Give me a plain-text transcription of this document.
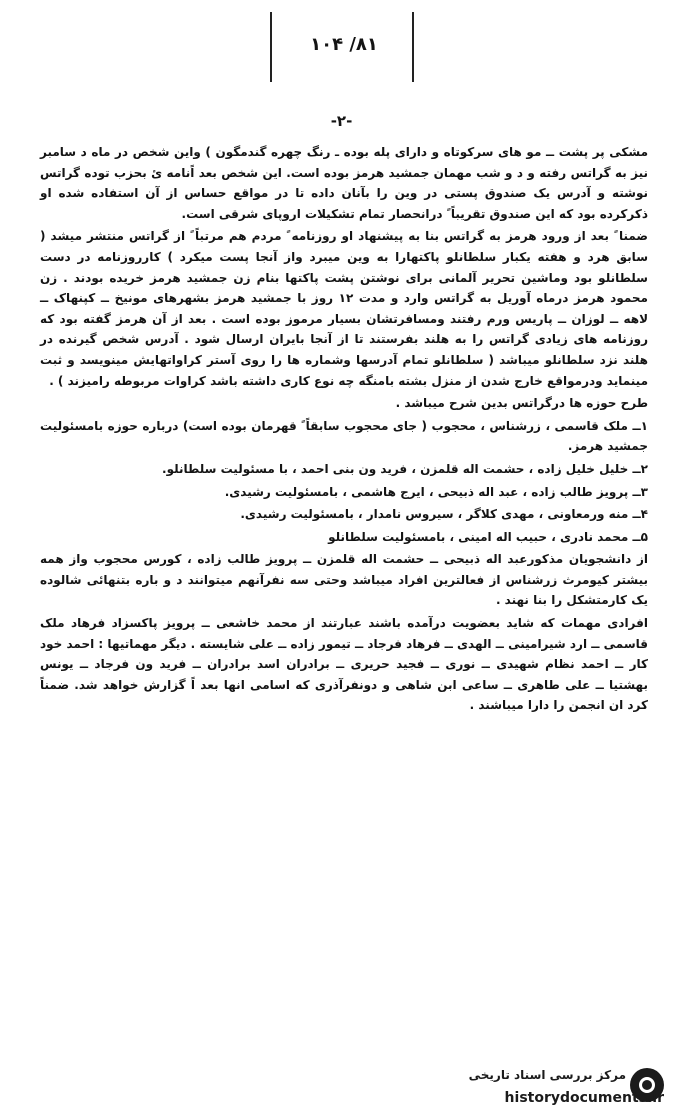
۸۱/ ۱۰۴
-۲-

مشکی پر پشت ــ مو های سرکوتاه و دارای پله بوده ـ رنگ چهره گندمگون ) واین شخص در ماه د سامبر نیز به گراتس رفته و د و شب مهمان جمشید هرمز بوده است. این شخص بعد اًنامه ئ بحزب توده گراتس نوشته و آدرس یک صندوق پستی در وین را بآنان داده تا در مواقع حساس از آن استفاده شده او ذکرکرده بود که این صندوق تقریباً ً درانحصار تمام تشکیلات اروپای شرقی است.

ضمنا ً بعد از ورود هرمز به گراتس بنا به پیشنهاد او روزنامه ً مردم هم مرتباً ً از گراتس منتشر میشد ( سابق هرد و هفته یکبار سلطانلو پاکتهارا به وین میبرد واز آنجا پست میکرد ) کارروزنامه در دست سلطانلو بود وماشین تحریر آلمانی برای نوشتن پشت پاکتها بنام زن جمشید هرمز خریده بودند . زن محمود هرمز درماه آوریل به گراتس وارد و مدت ۱۲ روز با جمشید هرمز بشهرهای مونیخ ــ کپنهاک ــ لاهه ــ لوزان ــ پاریس ورم رفتند ومسافرتشان بسیار مرموز بوده است . بعد از آن هرمز گفته بود که روزنامه های زیادی گراتس را به هلند بفرستند تا از آنجا بایران ارسال شود . آدرس شخص گیرنده در هلند نزد سلطانلو میباشد ( سلطانلو تمام آدرسها وشماره ها را روی آستر کراواتهایش مینویسد و ثبت مینماید ودرمواقع خارج شدن از منزل بشته بامنگه چه نوع کاری داشته باشد کراوات مربوطه رامیزند ) .

طرح حوزه ها درگراتس بدین شرح میباشد .

۱ــ ملک قاسمی ، زرشناس ، محجوب ( جای محجوب سابقاً ً قهرمان بوده است) درباره حوزه بامسئولیت جمشید هرمز.

۲ــ خلیل خلیل زاده ، حشمت اله قلمزن ، فرید ون بنی احمد ، با مسئولیت سلطانلو.

۳ــ پرویز طالب زاده ، عبد اله ذبیحی ، ایرج هاشمی ، بامسئولیت رشیدی.

۴ــ منه ورمعاونی ، مهدی کلاگر ، سیروس نامدار ، بامسئولیت رشیدی.

۵ــ محمد نادری ، حبیب اله امینی ، بامسئولیت سلطانلو

از دانشجویان مذکورعبد اله ذبیحی ــ حشمت اله قلمزن ــ پرویز طالب زاده ، کورس محجوب واز همه بیشتر کیومرث زرشناس از فعالترین افراد میباشد وحتی سه نفرآنهم میتوانند د و باره بتنهائی شالوده یک کارمتشکل را بنا نهند .

افرادی مهمات که شاید بعضویت درآمده باشند عبارتند از محمد خاشعی ــ پرویز پاکسزاد فرهاد ملک قاسمی ــ ارد شیرامینی ــ الهدی ــ فرهاد فرجاد ــ تیمور زاده ــ علی شایسته . دیگر مهماتیها : احمد خود کار ــ احمد نظام شهیدی ــ نوری ــ فجید حریری ــ برادران اسد برادران ــ فرید ون فرجاد ــ یونس بهشتیا ــ علی طاهری ــ ساعی ابن شاهی و دونفرآذری که اسامی انها بعد اً گزارش خواهد شد. ضمناً کرد ان انجمن را دارا میباشند .

مرکز بررسی اسناد تاریخی
historydocuments.ir
